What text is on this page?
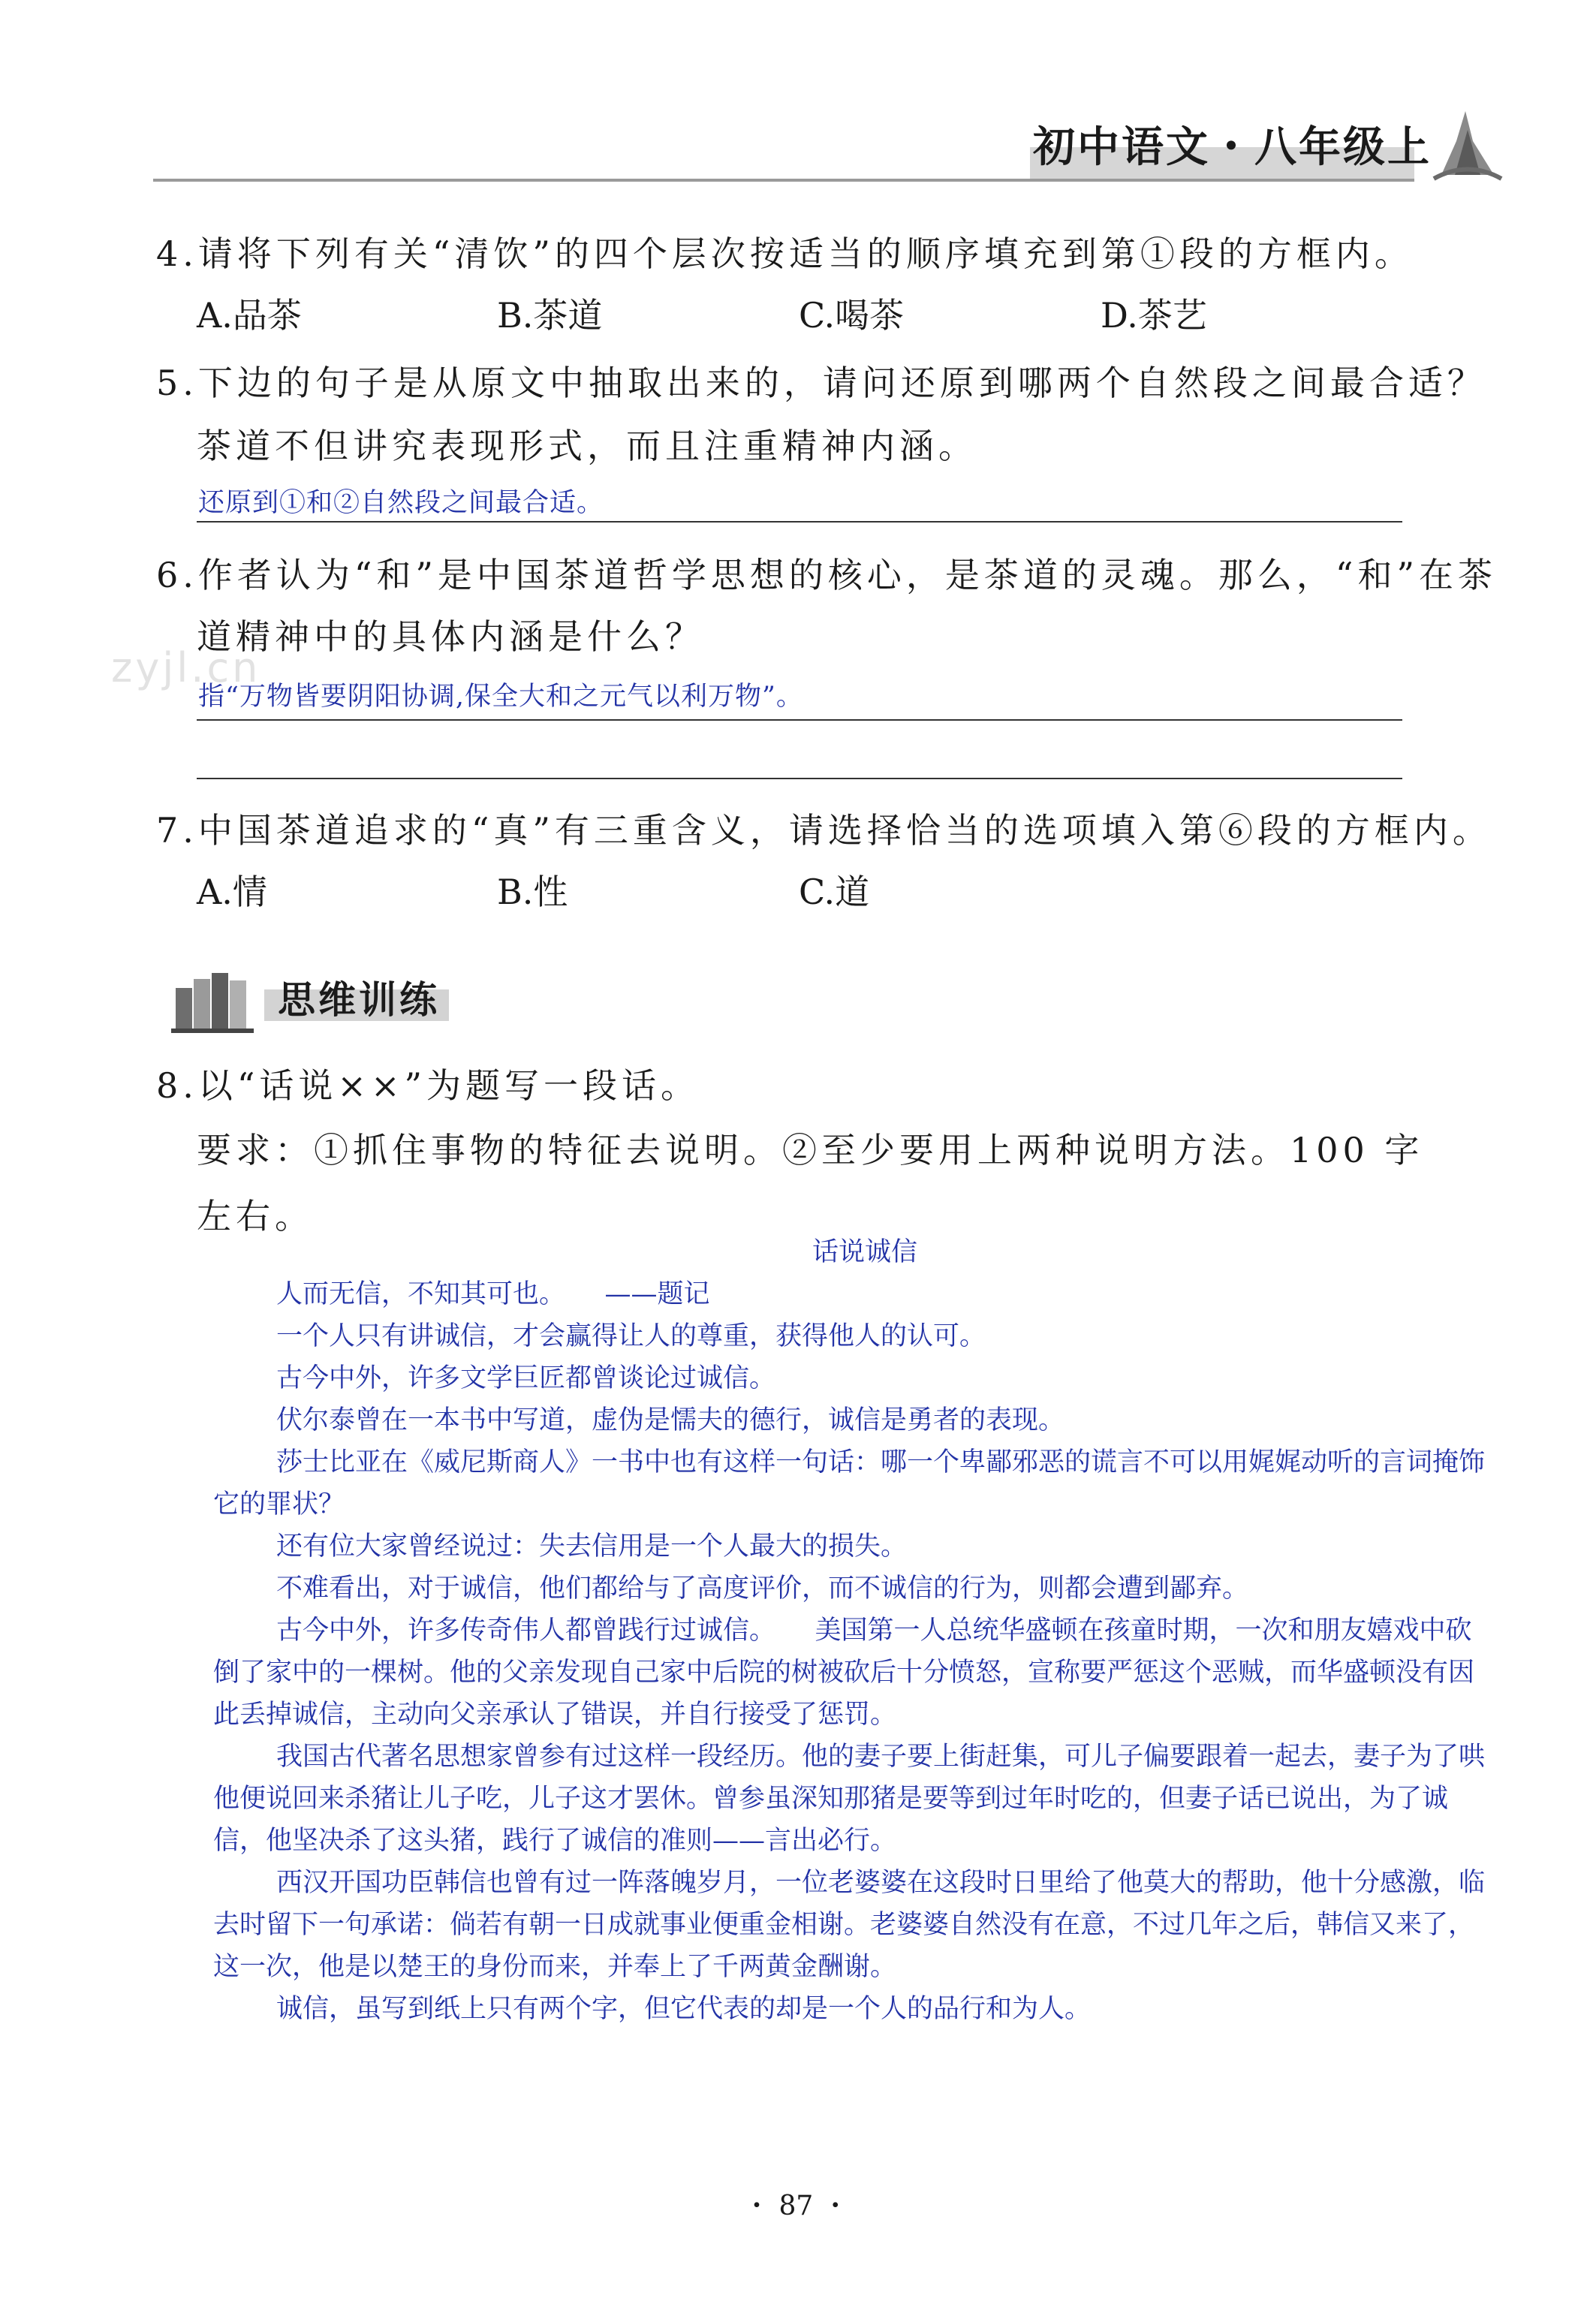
初中语文・八年级上
4.请将下列有关“清饮”的四个层次按适当的顺序填充到第①段的方框内。
A.品茶	B.茶道	C.喝茶	D.茶艺
5.下边的句子是从原文中抽取出来的，请问还原到哪两个自然段之间最合适？
茶道不但讲究表现形式，而且注重精神内涵。
还原到①和②自然段之间最合适。
6.作者认为“和”是中国茶道哲学思想的核心，是茶道的灵魂。那么，“和”在茶
道精神中的具体内涵是什么？
zyjl.cn
指“万物皆要阴阳协调,保全大和之元气以利万物”。
7.中国茶道追求的“真”有三重含义，请选择恰当的选项填入第⑥段的方框内。
A.情	B.性	C.道
思维训练
8.以“话说××”为题写一段话。
要求：①抓住事物的特征去说明。②至少要用上两种说明方法。100 字
左右。
话说诚信
人而无信，不知其可也。　　——题记
一个人只有讲诚信，才会赢得让人的尊重，获得他人的认可。
古今中外，许多文学巨匠都曾谈论过诚信。
伏尔泰曾在一本书中写道，虚伪是懦夫的德行，诚信是勇者的表现。
莎士比亚在《威尼斯商人》一书中也有这样一句话：哪一个卑鄙邪恶的谎言不可以用娓娓动听的言词掩饰它的罪状？
还有位大家曾经说过：失去信用是一个人最大的损失。
不难看出，对于诚信，他们都给与了高度评价，而不诚信的行为，则都会遭到鄙弃。
古今中外，许多传奇伟人都曾践行过诚信。　　美国第一人总统华盛顿在孩童时期，一次和朋友嬉戏中砍倒了家中的一棵树。他的父亲发现自己家中后院的树被砍后十分愤怒，宣称要严惩这个恶贼，而华盛顿没有因此丢掉诚信，主动向父亲承认了错误，并自行接受了惩罚。
我国古代著名思想家曾参有过这样一段经历。他的妻子要上街赶集，可儿子偏要跟着一起去，妻子为了哄他便说回来杀猪让儿子吃，儿子这才罢休。曾参虽深知那猪是要等到过年时吃的，但妻子话已说出，为了诚信，他坚决杀了这头猪，践行了诚信的准则——言出必行。
西汉开国功臣韩信也曾有过一阵落魄岁月，一位老婆婆在这段时日里给了他莫大的帮助，他十分感激，临去时留下一句承诺：倘若有朝一日成就事业便重金相谢。老婆婆自然没有在意，不过几年之后，韩信又来了，这一次，他是以楚王的身份而来，并奉上了千两黄金酬谢。
诚信，虽写到纸上只有两个字，但它代表的却是一个人的品行和为人。
・ 87 ・
